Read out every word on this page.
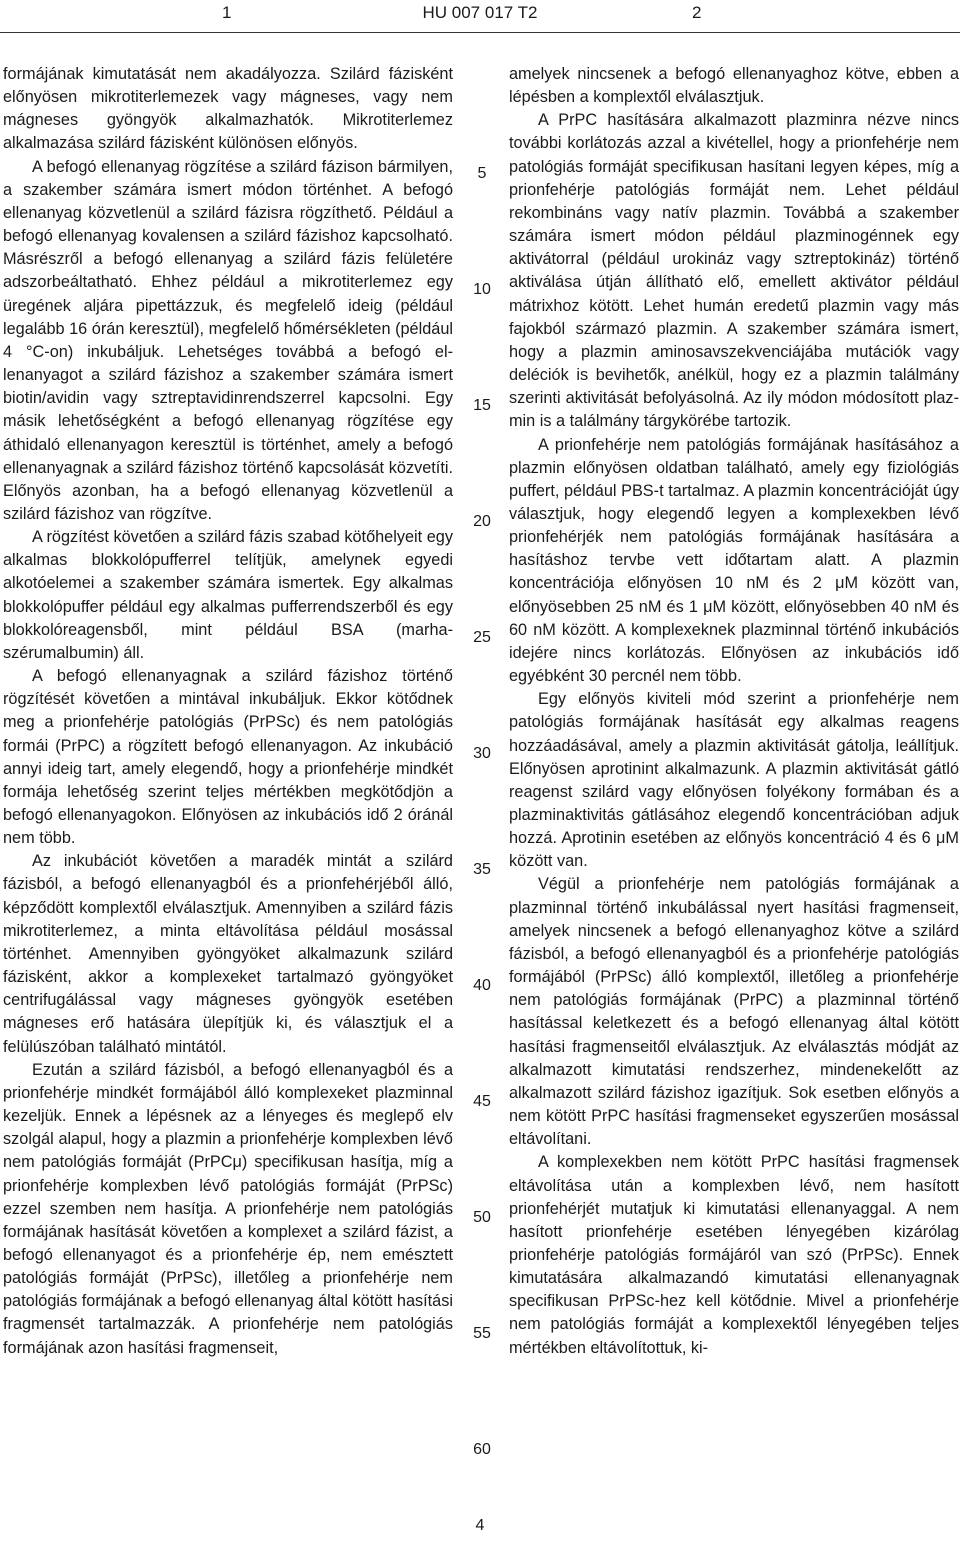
1	HU 007 017 T2	2

formájának kimutatását nem akadályozza. Szilárd fázisként előnyösen mikrotiterlemezek vagy mágneses, vagy nem mágneses gyöngyök alkalmazhatók. Mikrotiterlemez alkalmazása szilárd fázisként különösen előnyös.

A befogó ellenanyag rögzítése a szilárd fázison bármilyen, a szakember számára ismert módon történhet. A befogó ellenanyag közvetlenül a szilárd fázisra rögzíthető. Például a befogó ellenanyag kovalensen a szilárd fázishoz kapcsolható. Másrészről a befogó ellenanyag a szilárd fázis felületére adszorbeáltatható. Ehhez például a mikrotiterlemez egy üregének aljára pipettázzuk, és megfelelő ideig (például legalább 16 órán keresztül), megfelelő hőmérsékleten (például 4 °C-on) inkubáljuk. Lehetséges továbbá a befogó ellenanyagot a szilárd fázishoz a szakember számára ismert biotin/avidin vagy sztreptavidinrendszerrel kapcsolni. Egy másik lehetőségként a befogó ellenanyag rögzítése egy áthidaló ellenanyagon keresztül is történhet, amely a befogó ellenanyagnak a szilárd fázishoz történő kapcsolását közvetíti. Előnyös azonban, ha a befogó ellenanyag közvetlenül a szilárd fázishoz van rögzítve.

A rögzítést követően a szilárd fázis szabad kötőhelyeit egy alkalmas blokkolópufferrel telítjük, amelynek egyedi alkotóelemei a szakember számára ismertek. Egy alkalmas blokkolópuffer például egy alkalmas pufferrendszerből és egy blokkolóreagensből, mint például BSA (marha-szérumalbumin) áll.

A befogó ellenanyagnak a szilárd fázishoz történő rögzítését követően a mintával inkubáljuk. Ekkor kötődnek meg a prionfehérje patológiás (PrPSc) és nem patológiás formái (PrPC) a rögzített befogó ellenanyagon. Az inkubáció annyi ideig tart, amely elegendő, hogy a prionfehérje mindkét formája lehetőség szerint teljes mértékben megkötődjön a befogó ellenanyagokon. Előnyösen az inkubációs idő 2 óránál nem több.

Az inkubációt követően a maradék mintát a szilárd fázisból, a befogó ellenanyagból és a prionfehérjéből álló, képződött komplextől elválasztjuk. Amennyiben a szilárd fázis mikrotiterlemez, a minta eltávolítása például mosással történhet. Amennyiben gyöngyöket alkalmazunk szilárd fázisként, akkor a komplexeket tartalmazó gyöngyöket centrifugálással vagy mágneses gyöngyök esetében mágneses erő hatására ülepítjük ki, és választjuk el a felülúszóban található mintától.

Ezután a szilárd fázisból, a befogó ellenanyagból és a prionfehérje mindkét formájából álló komplexeket plazminnal kezeljük. Ennek a lépésnek az a lényeges és meglepő elv szolgál alapul, hogy a plazmin a prionfehérje komplexben lévő nem patológiás formáját (PrPCμ) specifikusan hasítja, míg a prionfehérje komplexben lévő patológiás formáját (PrPSc) ezzel szemben nem hasítja. A prionfehérje nem patológiás formájának hasítását követően a komplexet a szilárd fázist, a befogó ellenanyagot és a prionfehérje ép, nem emésztett patológiás formáját (PrPSc), illetőleg a prionfehérje nem patológiás formájának a befogó ellenanyag által kötött hasítási fragmensét tartalmazzák. A prionfehérje nem patológiás formájának azon hasítási fragmenseit,

5
10
15
20
25
30
35
40
45
50
55
60

amelyek nincsenek a befogó ellenanyaghoz kötve, ebben a lépésben a komplextől elválasztjuk.

A PrPC hasítására alkalmazott plazminra nézve nincs további korlátozás azzal a kivétellel, hogy a prionfehérje nem patológiás formáját specifikusan hasítani legyen képes, míg a prionfehérje patológiás formáját nem. Lehet például rekombináns vagy natív plazmin. Továbbá a szakember számára ismert módon például plazminogénnek egy aktivátorral (például urokináz vagy sztreptokináz) történő aktiválása útján állítható elő, emellett aktivátor például mátrixhoz kötött. Lehet humán eredetű plazmin vagy más fajokból származó plazmin. A szakember számára ismert, hogy a plazmin aminosavszekvenciájába mutációk vagy deléciók is bevihetők, anélkül, hogy ez a plazmin találmány szerinti aktivitását befolyásolná. Az ily módon módosított plazmin is a találmány tárgykörébe tartozik.

A prionfehérje nem patológiás formájának hasításához a plazmin előnyösen oldatban található, amely egy fiziológiás puffert, például PBS-t tartalmaz. A plazmin koncentrációját úgy választjuk, hogy elegendő legyen a komplexekben lévő prionfehérjék nem patológiás formájának hasítására a hasításhoz tervbe vett időtartam alatt. A plazmin koncentrációja előnyösen 10 nM és 2 μM között van, előnyösebben 25 nM és 1 μM között, előnyösebben 40 nM és 60 nM között. A komplexeknek plazminnal történő inkubációs idejére nincs korlátozás. Előnyösen az inkubációs idő egyébként 30 percnél nem több.

Egy előnyös kiviteli mód szerint a prionfehérje nem patológiás formájának hasítását egy alkalmas reagens hozzáadásával, amely a plazmin aktivitását gátolja, leállítjuk. Előnyösen aprotinint alkalmazunk. A plazmin aktivitását gátló reagenst szilárd vagy előnyösen folyékony formában és a plazminaktivitás gátlásához elegendő koncentrációban adjuk hozzá. Aprotinin esetében az előnyös koncentráció 4 és 6 μM között van.

Végül a prionfehérje nem patológiás formájának a plazminnal történő inkubálással nyert hasítási fragmenseit, amelyek nincsenek a befogó ellenanyaghoz kötve a szilárd fázisból, a befogó ellenanyagból és a prionfehérje patológiás formájából (PrPSc) álló komplextől, illetőleg a prionfehérje nem patológiás formájának (PrPC) a plazminnal történő hasítással keletkezett és a befogó ellenanyag által kötött hasítási fragmenseitől elválasztjuk. Az elválasztás módját az alkalmazott kimutatási rendszerhez, mindenekelőtt az alkalmazott szilárd fázishoz igazítjuk. Sok esetben előnyös a nem kötött PrPC hasítási fragmenseket egyszerűen mosással eltávolítani.

A komplexekben nem kötött PrPC hasítási fragmensek eltávolítása után a komplexben lévő, nem hasított prionfehérjét mutatjuk ki kimutatási ellenanyaggal. A nem hasított prionfehérje esetében lényegében kizárólag prionfehérje patológiás formájáról van szó (PrPSc). Ennek kimutatására alkalmazandó kimutatási ellenanyagnak specifikusan PrPSc-hez kell kötődnie. Mivel a prionfehérje nem patológiás formáját a komplexektől lényegében teljes mértékben eltávolítottuk, ki-

4
